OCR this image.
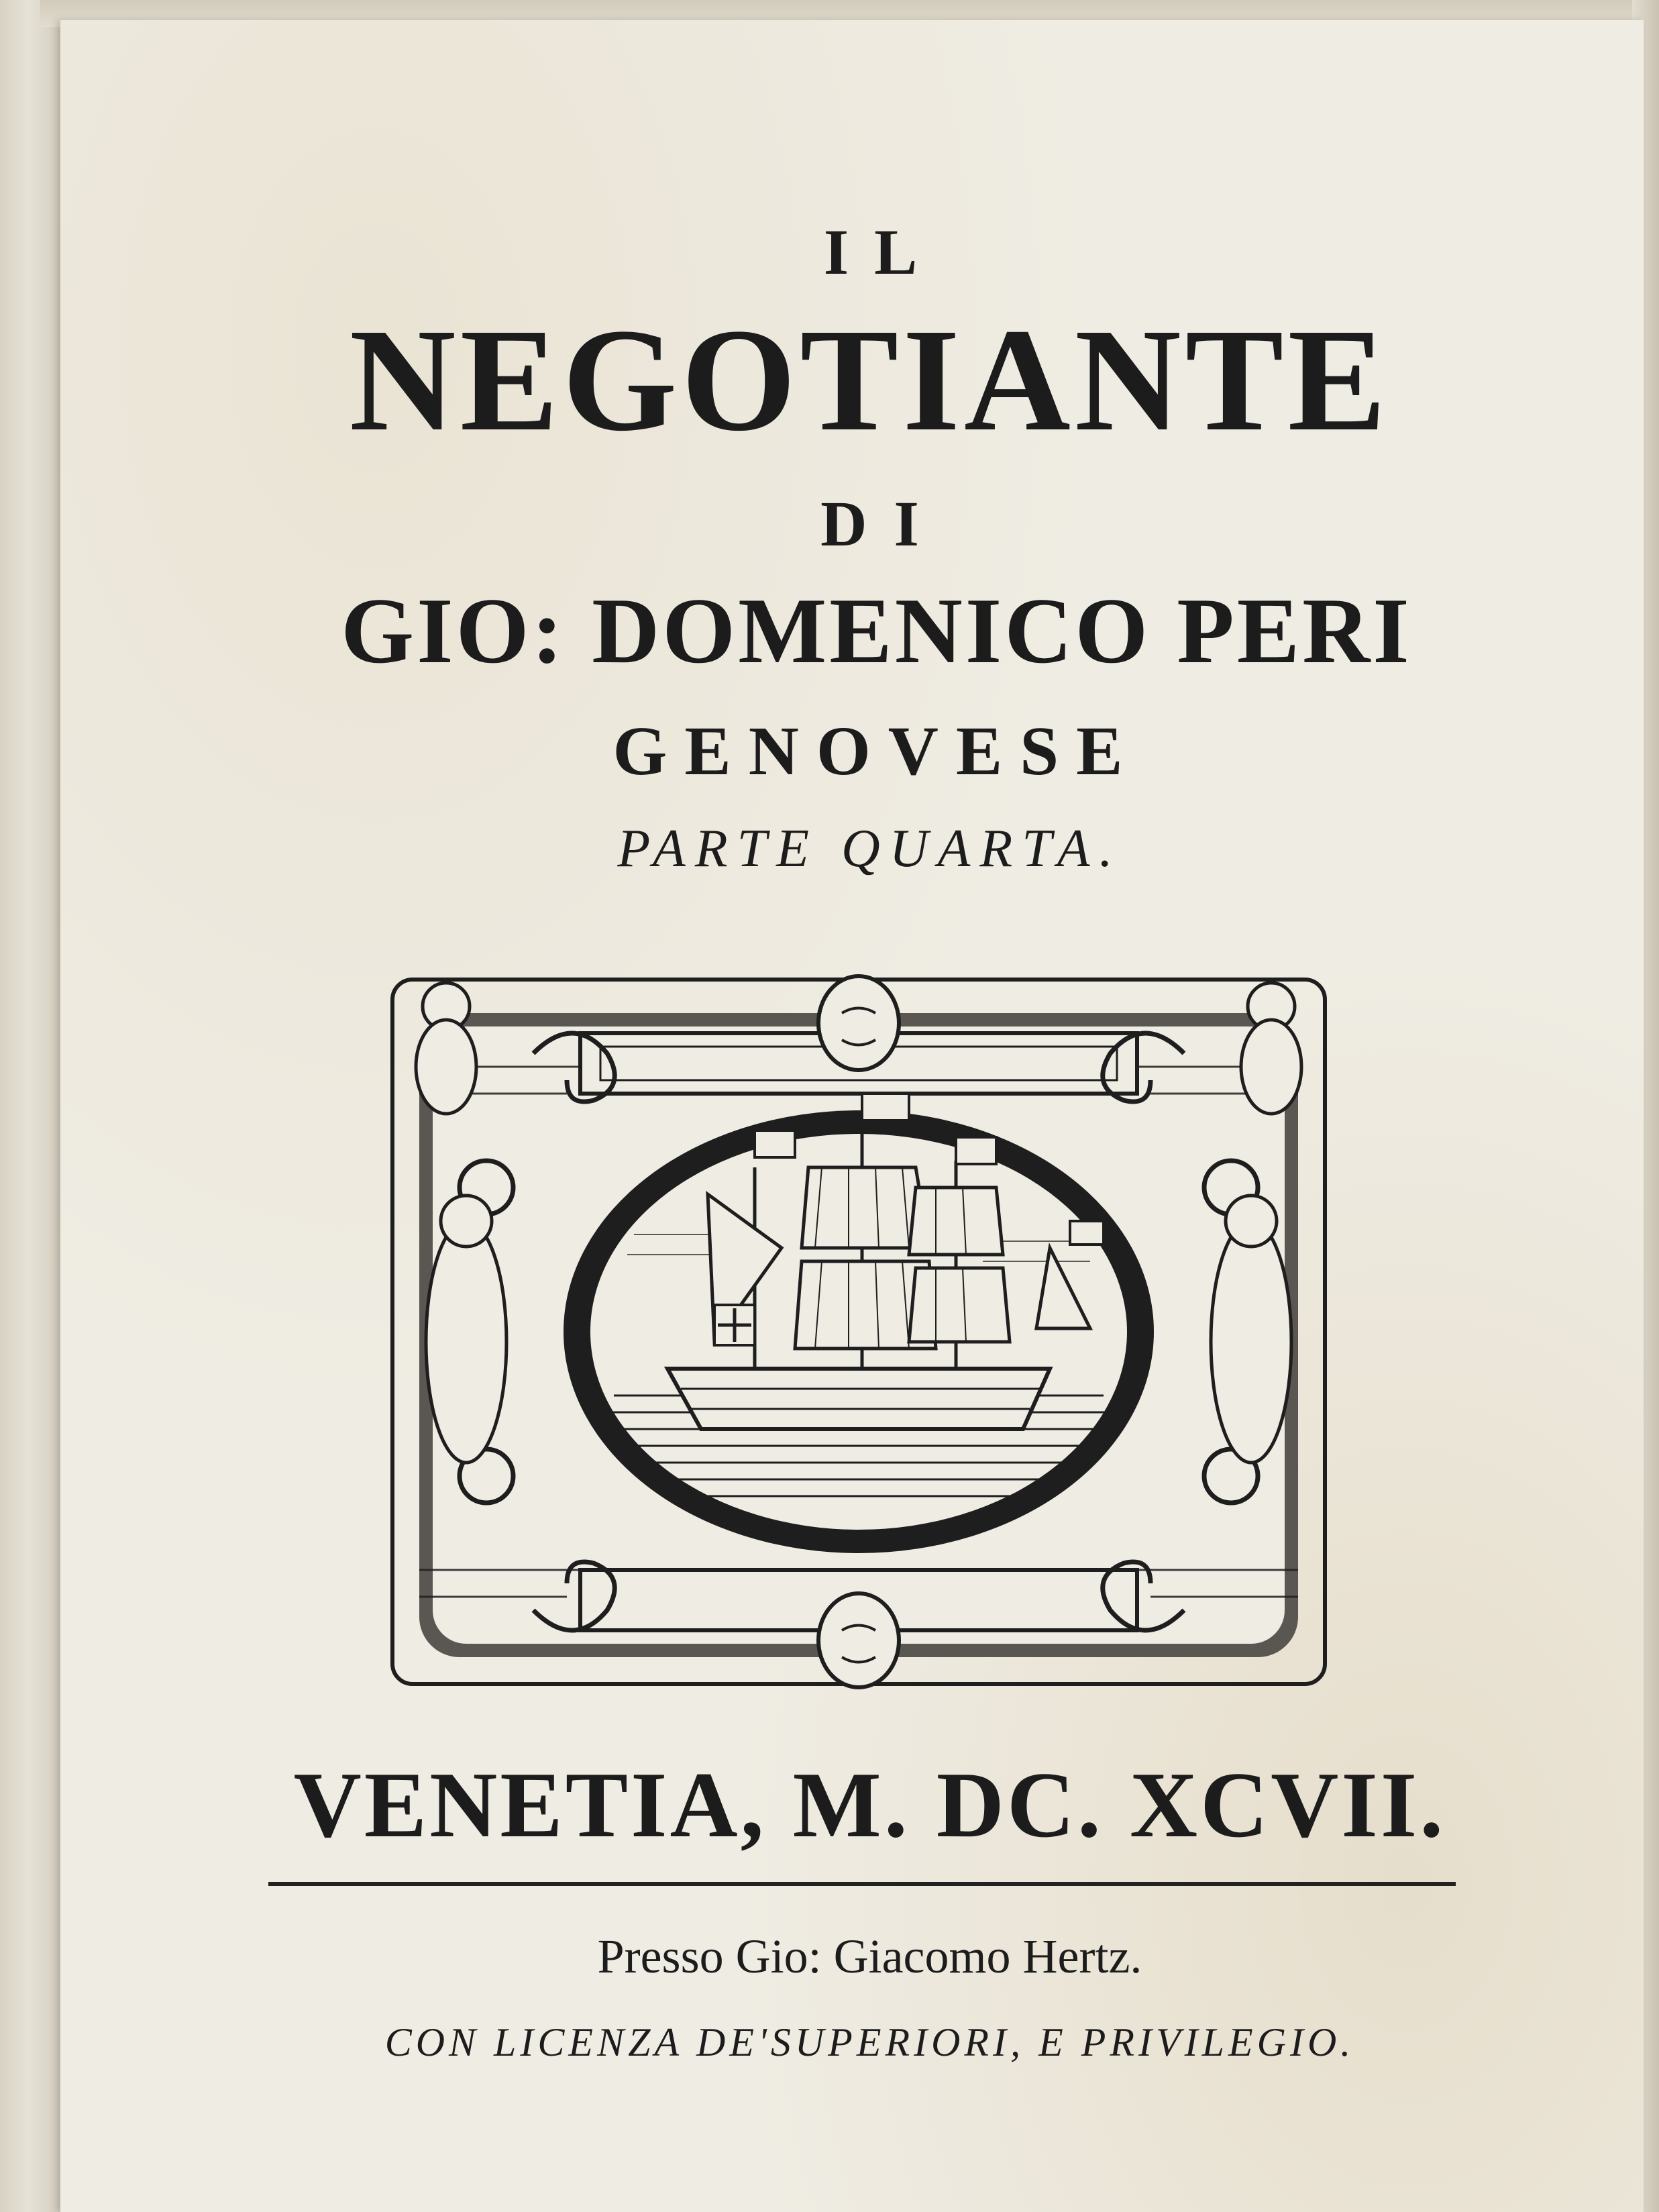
IL
NEGOTIANTE
DI
GIO: DOMENICO PERI
GENOVESE
PARTE QUARTA.
VENETIA, M. DC. XCVII.
Presso Gio: Giacomo Hertz.
CON LICENZA DE'SUPERIORI, E PRIVILEGIO.
